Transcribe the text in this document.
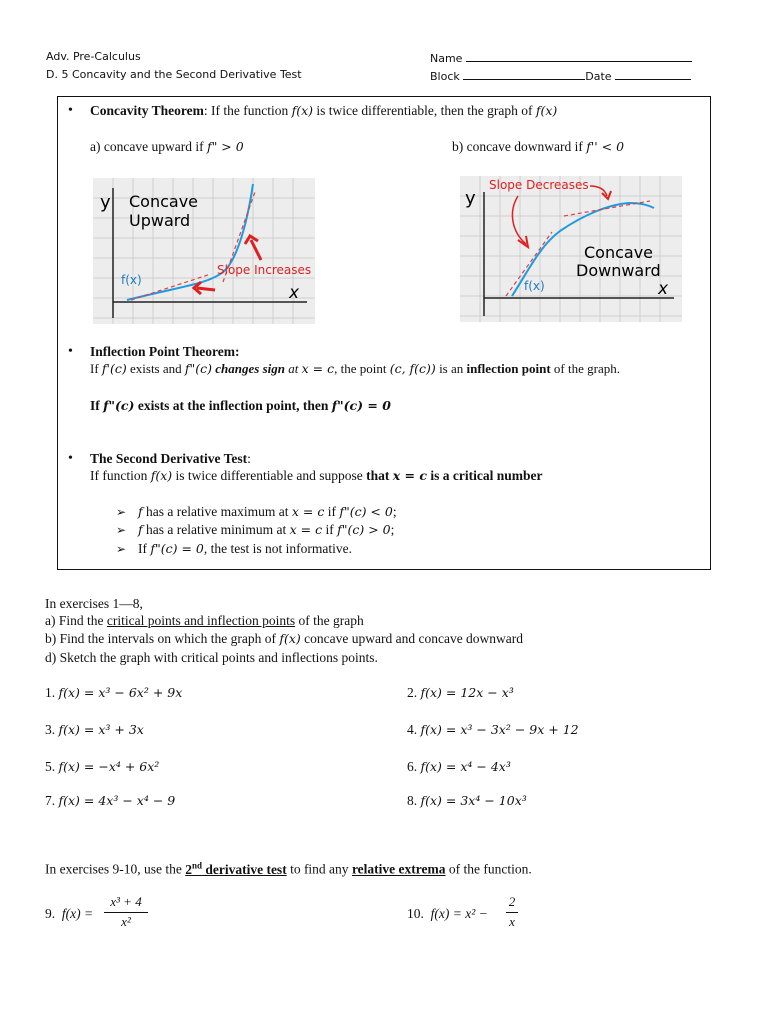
Adv. Pre-Calculus
D. 5 Concavity and the Second Derivative Test
Name
Block	Date
• Concavity Theorem: If the function f(x) is twice differentiable, then the graph of f(x)
a) concave upward if f" > 0	b) concave downward if f'' < 0
y Concave
Upward
f(x)
Slope Increases
x
y
Slope Decreases
Concave
Downward
f(x)	x
• Inflection Point Theorem:
If f'(c) exists and f"(c) changes sign at x = c, the point (c, f(c)) is an inflection point of the graph.
If f"(c) exists at the inflection point, then f"(c) = 0
• The Second Derivative Test:
If function f(x) is twice differentiable and suppose that x = c is a critical number
➢ f has a relative maximum at x = c if f"(c) < 0;
➢ f has a relative minimum at x = c if f"(c) > 0;
➢ If f"(c) = 0, the test is not informative.
In exercises 1—8,
a) Find the critical points and inflection points of the graph
b) Find the intervals on which the graph of f(x) concave upward and concave downward
d) Sketch the graph with critical points and inflections points.
1. f(x) = x³ − 6x² + 9x	2. f(x) = 12x − x³
3. f(x) = x³ + 3x	4. f(x) = x³ − 3x² − 9x + 12
5. f(x) = −x⁴ + 6x²	6. f(x) = x⁴ − 4x³
7. f(x) = 4x³ − x⁴ − 9	8. f(x) = 3x⁴ − 10x³
In exercises 9-10, use the 2nd derivative test to find any relative extrema of the function.
9. f(x) =
x³ + 4
x²
10. f(x) = x² −
2
x
